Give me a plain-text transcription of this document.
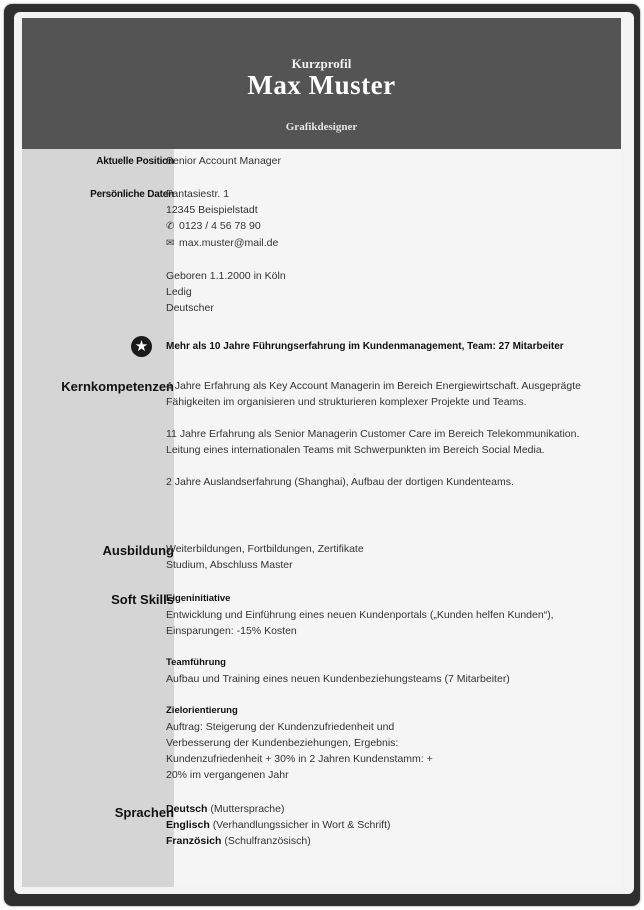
Kurzprofil
Max Muster
Grafikdesigner
Aktuelle Position
Senior Account Manager
Persönliche Daten
Fantasiestr. 1
12345 Beispielstadt
✆ 0123 / 4 56 78 90
✉ max.muster@mail.de
Geboren 1.1.2000 in Köln
Ledig
Deutscher
★	Mehr als 10 Jahre Führungserfahrung im Kundenmanagement, Team: 27 Mitarbeiter
Kernkompetenzen
4 Jahre Erfahrung als Key Account Managerin im Bereich Energiewirtschaft. Ausgeprägte Fähigkeiten im organisieren und strukturieren komplexer Projekte und Teams.
11 Jahre Erfahrung als Senior Managerin Customer Care im Bereich Telekommunikation. Leitung eines internationalen Teams mit Schwerpunkten im Bereich Social Media.
2 Jahre Auslandserfahrung (Shanghai), Aufbau der dortigen Kundenteams.
Ausbildung
Weiterbildungen, Fortbildungen, Zertifikate
Studium, Abschluss Master
Soft Skills
Eigeninitiative
Entwicklung und Einführung eines neuen Kundenportals („Kunden helfen Kunden“), Einsparungen: -15% Kosten
Teamführung
Aufbau und Training eines neuen Kundenbeziehungsteams (7 Mitarbeiter)
Zielorientierung
Auftrag: Steigerung der Kundenzufriedenheit und Verbesserung der Kundenbeziehungen, Ergebnis: Kundenzufriedenheit + 30% in 2 Jahren Kundenstamm: + 20% im vergangenen Jahr
Sprachen
Deutsch (Muttersprache)
Englisch (Verhandlungssicher in Wort & Schrift)
Französich (Schulfranzösisch)
